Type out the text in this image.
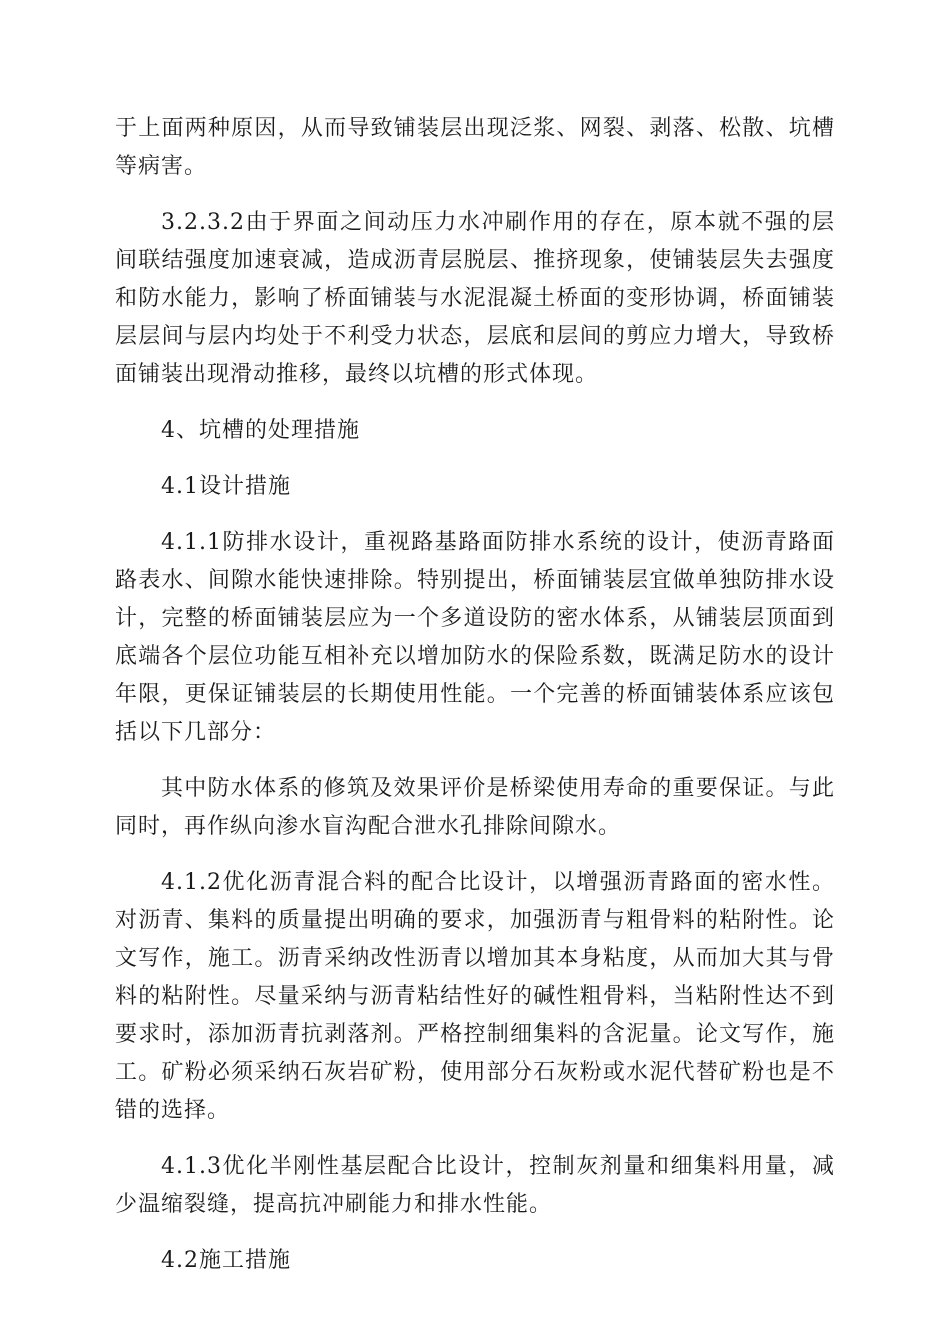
于上面两种原因，从而导致铺装层出现泛浆、网裂、剥落、松散、坑槽等病害。

3.2.3.2由于界面之间动压力水冲刷作用的存在，原本就不强的层间联结强度加速衰减，造成沥青层脱层、推挤现象，使铺装层失去强度和防水能力，影响了桥面铺装与水泥混凝土桥面的变形协调，桥面铺装层层间与层内均处于不利受力状态，层底和层间的剪应力增大，导致桥面铺装出现滑动推移，最终以坑槽的形式体现。

4、坑槽的处理措施

4.1设计措施

4.1.1防排水设计，重视路基路面防排水系统的设计，使沥青路面路表水、间隙水能快速排除。特别提出，桥面铺装层宜做单独防排水设计，完整的桥面铺装层应为一个多道设防的密水体系，从铺装层顶面到底端各个层位功能互相补充以增加防水的保险系数，既满足防水的设计年限，更保证铺装层的长期使用性能。一个完善的桥面铺装体系应该包括以下几部分：

其中防水体系的修筑及效果评价是桥梁使用寿命的重要保证。与此同时，再作纵向渗水盲沟配合泄水孔排除间隙水。

4.1.2优化沥青混合料的配合比设计，以增强沥青路面的密水性。对沥青、集料的质量提出明确的要求，加强沥青与粗骨料的粘附性。论文写作，施工。沥青采纳改性沥青以增加其本身粘度，从而加大其与骨料的粘附性。尽量采纳与沥青粘结性好的碱性粗骨料，当粘附性达不到要求时，添加沥青抗剥落剂。严格控制细集料的含泥量。论文写作，施工。矿粉必须采纳石灰岩矿粉，使用部分石灰粉或水泥代替矿粉也是不错的选择。

4.1.3优化半刚性基层配合比设计，控制灰剂量和细集料用量，减少温缩裂缝，提高抗冲刷能力和排水性能。

4.2施工措施
